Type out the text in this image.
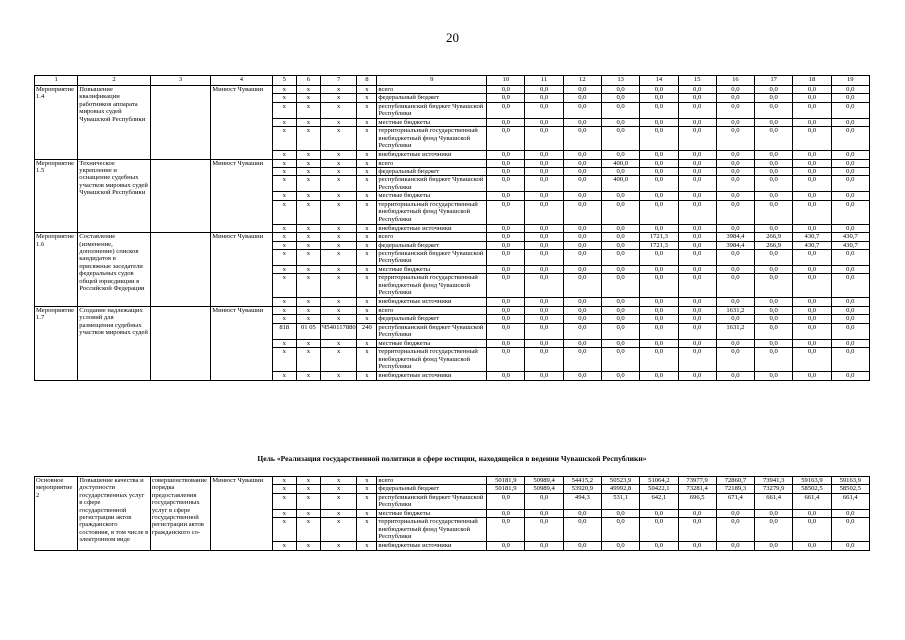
20
1	2	3	4	5	6	7	8	9	10	11	12	13	14	15	16	17	18	19
Мероприятие 1.4	Повышение квалификации работников аппарата мировых судей Чувашской Республики		Минюст Чувашии	x	x	x	x	всего	0,0	0,0	0,0	0,0	0,0	0,0	0,0	0,0	0,0	0,0
				x	x	x	x	федеральный бюджет	0,0	0,0	0,0	0,0	0,0	0,0	0,0	0,0	0,0	0,0
				x	x	x	x	республиканский бюджет Чувашской Республики	0,0	0,0	0,0	0,0	0,0	0,0	0,0	0,0	0,0	0,0
				x	x	x	x	местные бюджеты	0,0	0,0	0,0	0,0	0,0	0,0	0,0	0,0	0,0	0,0
				x	x	x	x	территориальный государственный внебюджетный фонд Чувашской Республики	0,0	0,0	0,0	0,0	0,0	0,0	0,0	0,0	0,0	0,0
				x	x	x	x	внебюджетные источники	0,0	0,0	0,0	0,0	0,0	0,0	0,0	0,0	0,0	0,0
Мероприятие 1.5	Техническое укрепление и оснащение судебных участков мировых судей Чувашской Республики		Минюст Чувашии	x	x	x	x	всего	0,0	0,0	0,0	400,0	0,0	0,0	0,0	0,0	0,0	0,0
				x	x	x	x	федеральный бюджет	0,0	0,0	0,0	0,0	0,0	0,0	0,0	0,0	0,0	0,0
				x	x	x	x	республиканский бюджет Чувашской Республики	0,0	0,0	0,0	400,0	0,0	0,0	0,0	0,0	0,0	0,0
				x	x	x	x	местные бюджеты	0,0	0,0	0,0	0,0	0,0	0,0	0,0	0,0	0,0	0,0
				x	x	x	x	территориальный государственный внебюджетный фонд Чувашской Республики	0,0	0,0	0,0	0,0	0,0	0,0	0,0	0,0	0,0	0,0
				x	x	x	x	внебюджетные источники	0,0	0,0	0,0	0,0	0,0	0,0	0,0	0,0	0,0	0,0
Мероприятие 1.6	Составление (изменение, дополнение) списков кандидатов в присяжные заседатели федеральных судов общей юрисдикции в Российской Федерации		Минюст Чувашии	x	x	x	x	всего	0,0	0,0	0,0	0,0	1721,3	0,0	3984,4	266,9	430,7	430,7
				x	x	x	x	федеральный бюджет	0,0	0,0	0,0	0,0	1721,3	0,0	3984,4	266,9	430,7	430,7
				x	x	x	x	республиканский бюджет Чувашской Республики	0,0	0,0	0,0	0,0	0,0	0,0	0,0	0,0	0,0	0,0
				x	x	x	x	местные бюджеты	0,0	0,0	0,0	0,0	0,0	0,0	0,0	0,0	0,0	0,0
				x	x	x	x	территориальный государственный внебюджетный фонд Чувашской Республики	0,0	0,0	0,0	0,0	0,0	0,0	0,0	0,0	0,0	0,0
				x	x	x	x	внебюджетные источники	0,0	0,0	0,0	0,0	0,0	0,0	0,0	0,0	0,0	0,0
Мероприятие 1.7	Создание надлежащих условий для размещения судебных участков мировых судей		Минюст Чувашии	x	x	x	x	всего	0,0	0,0	0,0	0,0	0,0	0,0	1631,2	0,0	0,0	0,0
				x	x	x	x	федеральный бюджет	0,0	0,0	0,0	0,0	0,0	0,0	0,0	0,0	0,0	0,0
				818	01 05	Ч540117880	240	республиканский бюджет Чувашской Республики	0,0	0,0	0,0	0,0	0,0	0,0	1631,2	0,0	0,0	0,0
				x	x	x	x	местные бюджеты	0,0	0,0	0,0	0,0	0,0	0,0	0,0	0,0	0,0	0,0
				x	x	x	x	территориальный государственный внебюджетный фонд Чувашской Республики	0,0	0,0	0,0	0,0	0,0	0,0	0,0	0,0	0,0	0,0
				x	x	x	x	внебюджетные источники	0,0	0,0	0,0	0,0	0,0	0,0	0,0	0,0	0,0	0,0
Цель «Реализация государственной политики в сфере юстиции, находящейся в ведении Чувашской Республики»
Основное мероприятие 2	Повышение качества и доступности государственных услуг в сфере государственной регистрации актов гражданского состояния, в том числе в электронном виде	совершенствование порядка предоставления государственных услуг в сфере государственной регистрации актов гражданского со-	Минюст Чувашии	x	x	x	x	всего	50181,9	50989,4	54415,2	50523,9	51064,2	73977,9	72860,7	73941,3	59163,9	59163,9
				x	x	x	x	федеральный бюджет	50181,9	50989,4	53920,9	49992,8	50422,1	73281,4	72189,3	73279,9	58502,5	58502,5
				x	x	x	x	республиканский бюджет Чувашской Республики	0,0	0,0	494,3	531,1	642,1	696,5	671,4	661,4	661,4	661,4
				x	x	x	x	местные бюджеты	0,0	0,0	0,0	0,0	0,0	0,0	0,0	0,0	0,0	0,0
				x	x	x	x	территориальный государственный внебюджетный фонд Чувашской Республики	0,0	0,0	0,0	0,0	0,0	0,0	0,0	0,0	0,0	0,0
				x	x	x	x	внебюджетные источники	0,0	0,0	0,0	0,0	0,0	0,0	0,0	0,0	0,0	0,0
